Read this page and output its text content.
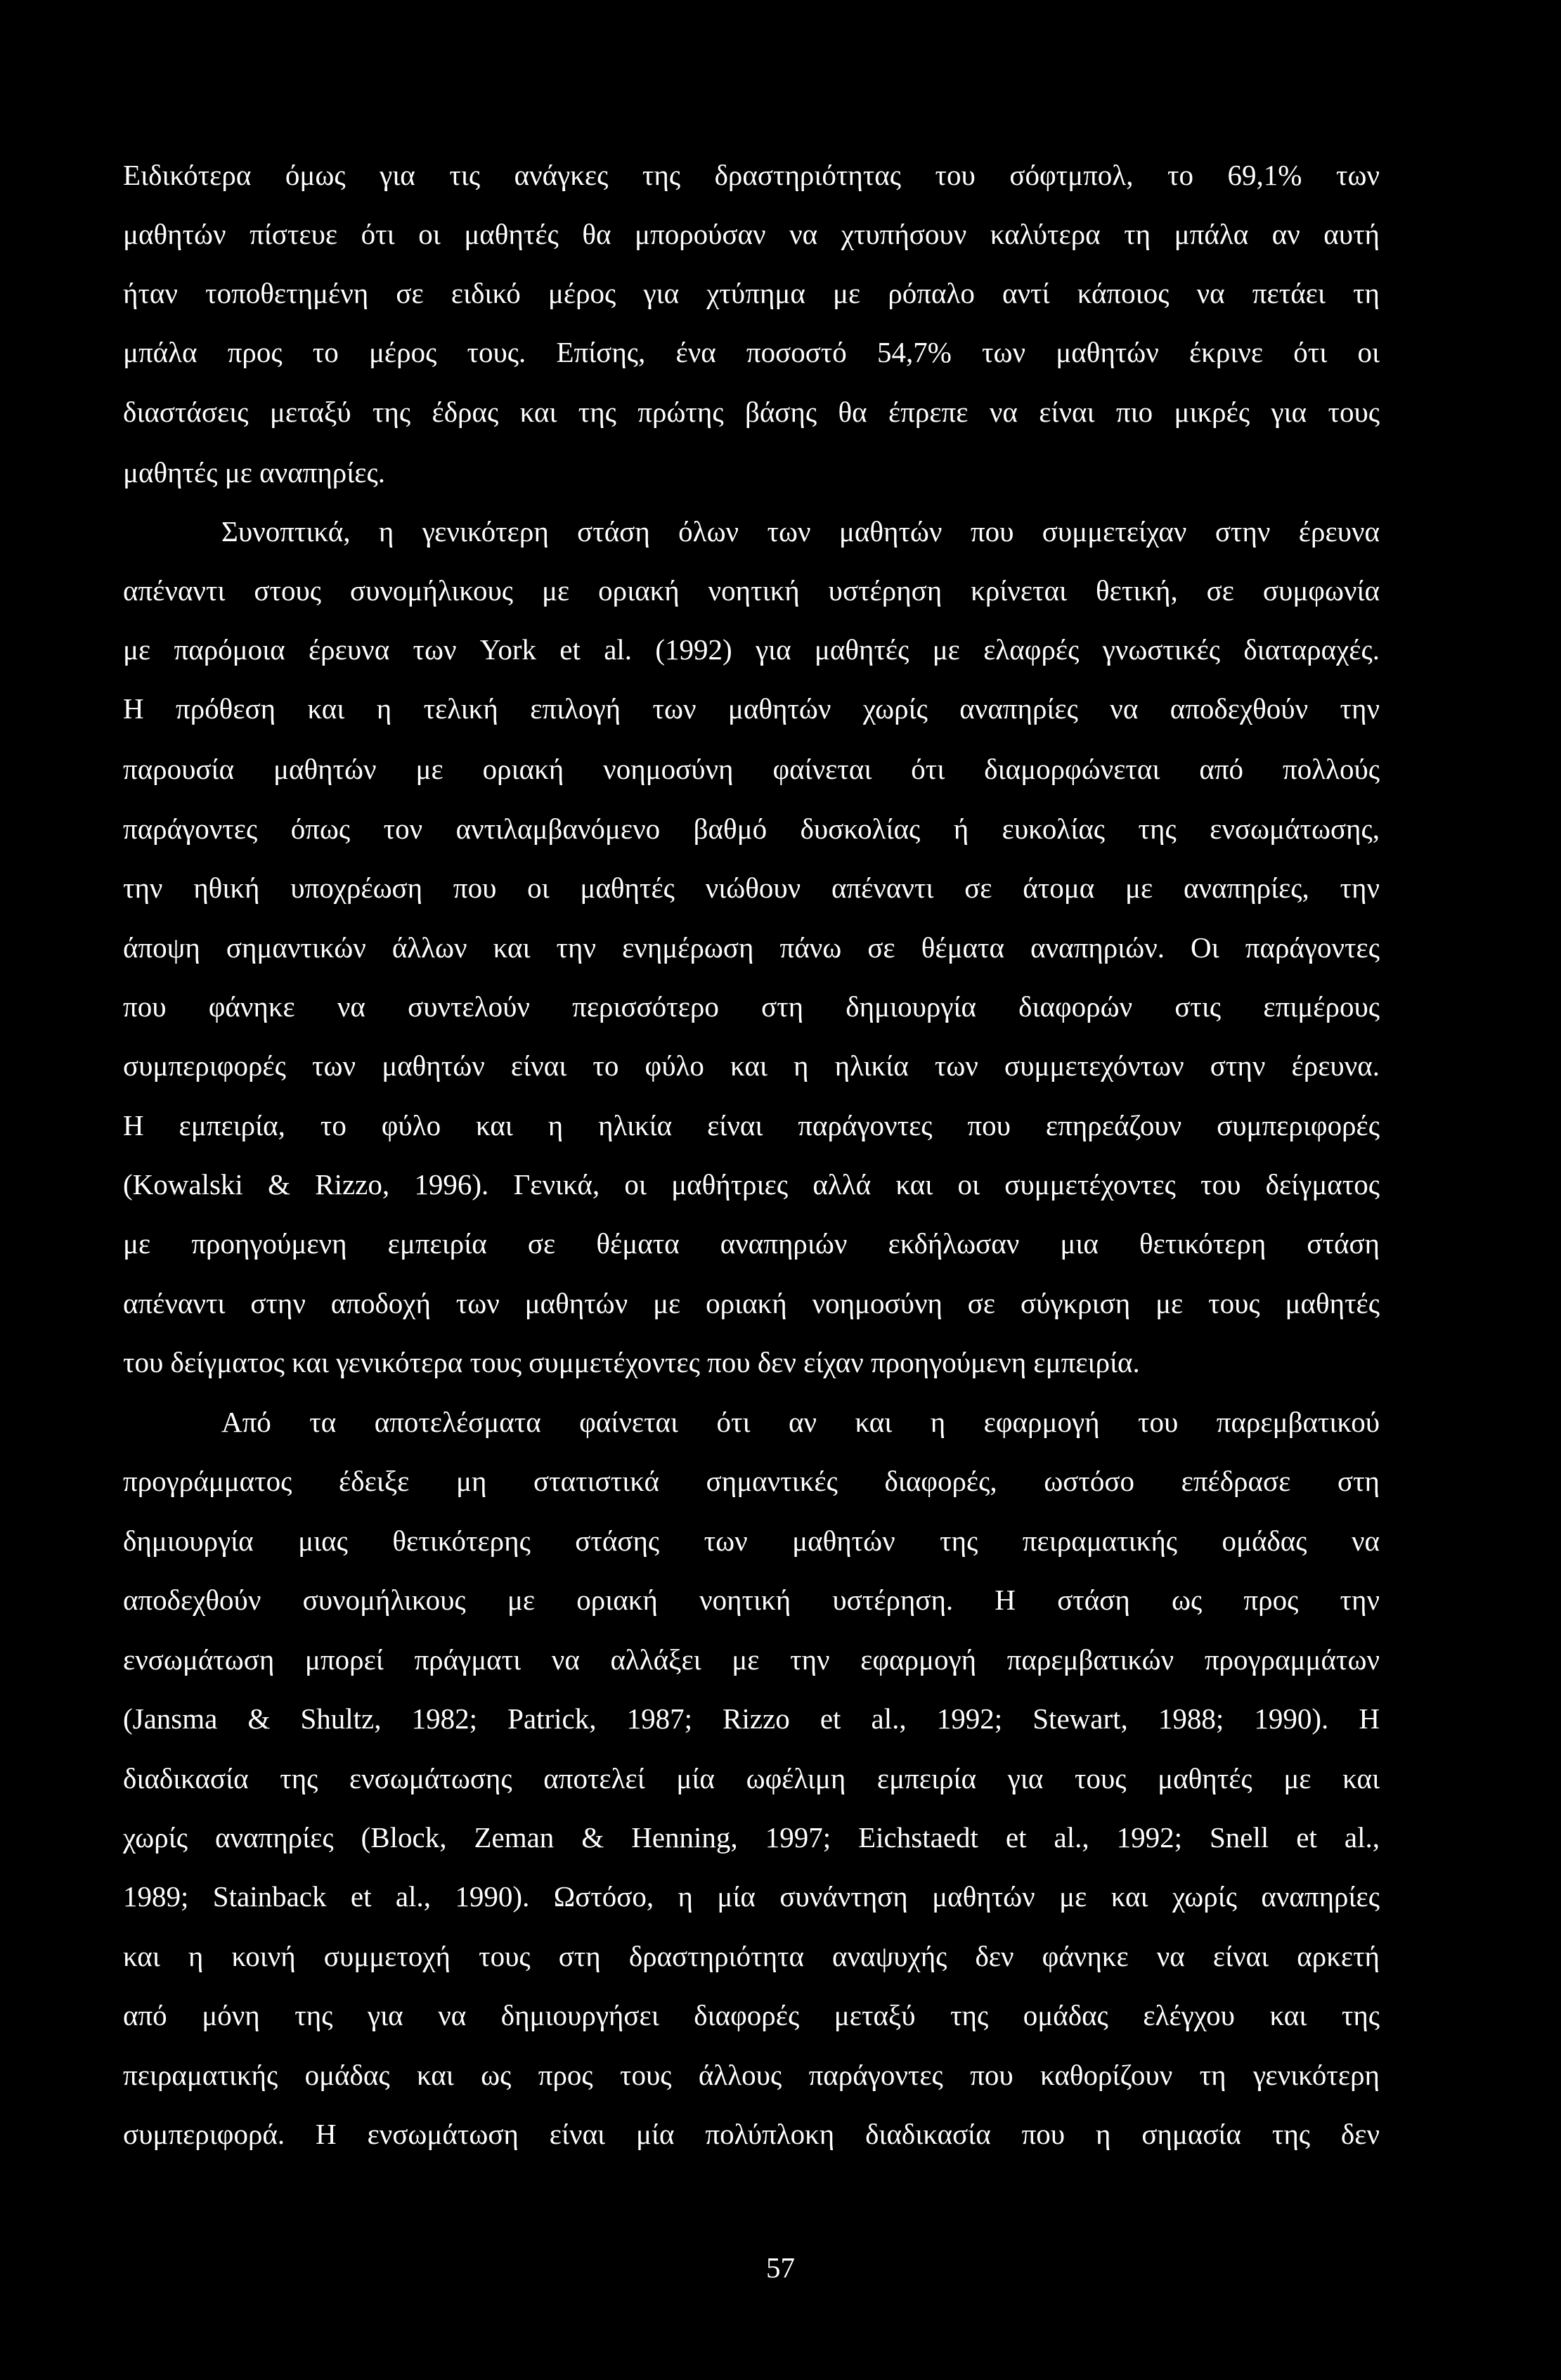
Ειδικότερα όμως για τις ανάγκες της δραστηριότητας του σόφτμπολ, το 69,1% των
μαθητών πίστευε ότι οι μαθητές θα μπορούσαν να χτυπήσουν καλύτερα τη μπάλα αν αυτή
ήταν τοποθετημένη σε ειδικό μέρος για χτύπημα με ρόπαλο αντί κάποιος να πετάει τη
μπάλα προς το μέρος τους. Επίσης, ένα ποσοστό 54,7% των μαθητών έκρινε ότι οι
διαστάσεις μεταξύ της έδρας και της πρώτης βάσης θα έπρεπε να είναι πιο μικρές για τους
μαθητές με αναπηρίες.
Συνοπτικά, η γενικότερη στάση όλων των μαθητών που συμμετείχαν στην έρευνα
απέναντι στους συνομήλικους με οριακή νοητική υστέρηση κρίνεται θετική, σε συμφωνία
με παρόμοια έρευνα των York et al. (1992) για μαθητές με ελαφρές γνωστικές διαταραχές.
Η πρόθεση και η τελική επιλογή των μαθητών χωρίς αναπηρίες να αποδεχθούν την
παρουσία μαθητών με οριακή νοημοσύνη φαίνεται ότι διαμορφώνεται από πολλούς
παράγοντες όπως τον αντιλαμβανόμενο βαθμό δυσκολίας ή ευκολίας της ενσωμάτωσης,
την ηθική υποχρέωση που οι μαθητές νιώθουν απέναντι σε άτομα με αναπηρίες, την
άποψη σημαντικών άλλων και την ενημέρωση πάνω σε θέματα αναπηριών. Οι παράγοντες
που φάνηκε να συντελούν περισσότερο στη δημιουργία διαφορών στις επιμέρους
συμπεριφορές των μαθητών είναι το φύλο και η ηλικία των συμμετεχόντων στην έρευνα.
Η εμπειρία, το φύλο και η ηλικία είναι παράγοντες που επηρεάζουν συμπεριφορές
(Kowalski & Rizzo, 1996). Γενικά, οι μαθήτριες αλλά και οι συμμετέχοντες του δείγματος
με προηγούμενη εμπειρία σε θέματα αναπηριών εκδήλωσαν μια θετικότερη στάση
απέναντι στην αποδοχή των μαθητών με οριακή νοημοσύνη σε σύγκριση με τους μαθητές
του δείγματος και γενικότερα τους συμμετέχοντες που δεν είχαν προηγούμενη εμπειρία.
Από τα αποτελέσματα φαίνεται ότι αν και η εφαρμογή του παρεμβατικού
προγράμματος έδειξε μη στατιστικά σημαντικές διαφορές, ωστόσο επέδρασε στη
δημιουργία μιας θετικότερης στάσης των μαθητών της πειραματικής ομάδας να
αποδεχθούν συνομήλικους με οριακή νοητική υστέρηση. Η στάση ως προς την
ενσωμάτωση μπορεί πράγματι να αλλάξει με την εφαρμογή παρεμβατικών προγραμμάτων
(Jansma & Shultz, 1982; Patrick, 1987; Rizzo et al., 1992; Stewart, 1988; 1990). Η
διαδικασία της ενσωμάτωσης αποτελεί μία ωφέλιμη εμπειρία για τους μαθητές με και
χωρίς αναπηρίες (Block, Zeman & Henning, 1997; Eichstaedt et al., 1992; Snell et al.,
1989; Stainback et al., 1990). Ωστόσο, η μία συνάντηση μαθητών με και χωρίς αναπηρίες
και η κοινή συμμετοχή τους στη δραστηριότητα αναψυχής δεν φάνηκε να είναι αρκετή
από μόνη της για να δημιουργήσει διαφορές μεταξύ της ομάδας ελέγχου και της
πειραματικής ομάδας και ως προς τους άλλους παράγοντες που καθορίζουν τη γενικότερη
συμπεριφορά. Η ενσωμάτωση είναι μία πολύπλοκη διαδικασία που η σημασία της δεν
57
